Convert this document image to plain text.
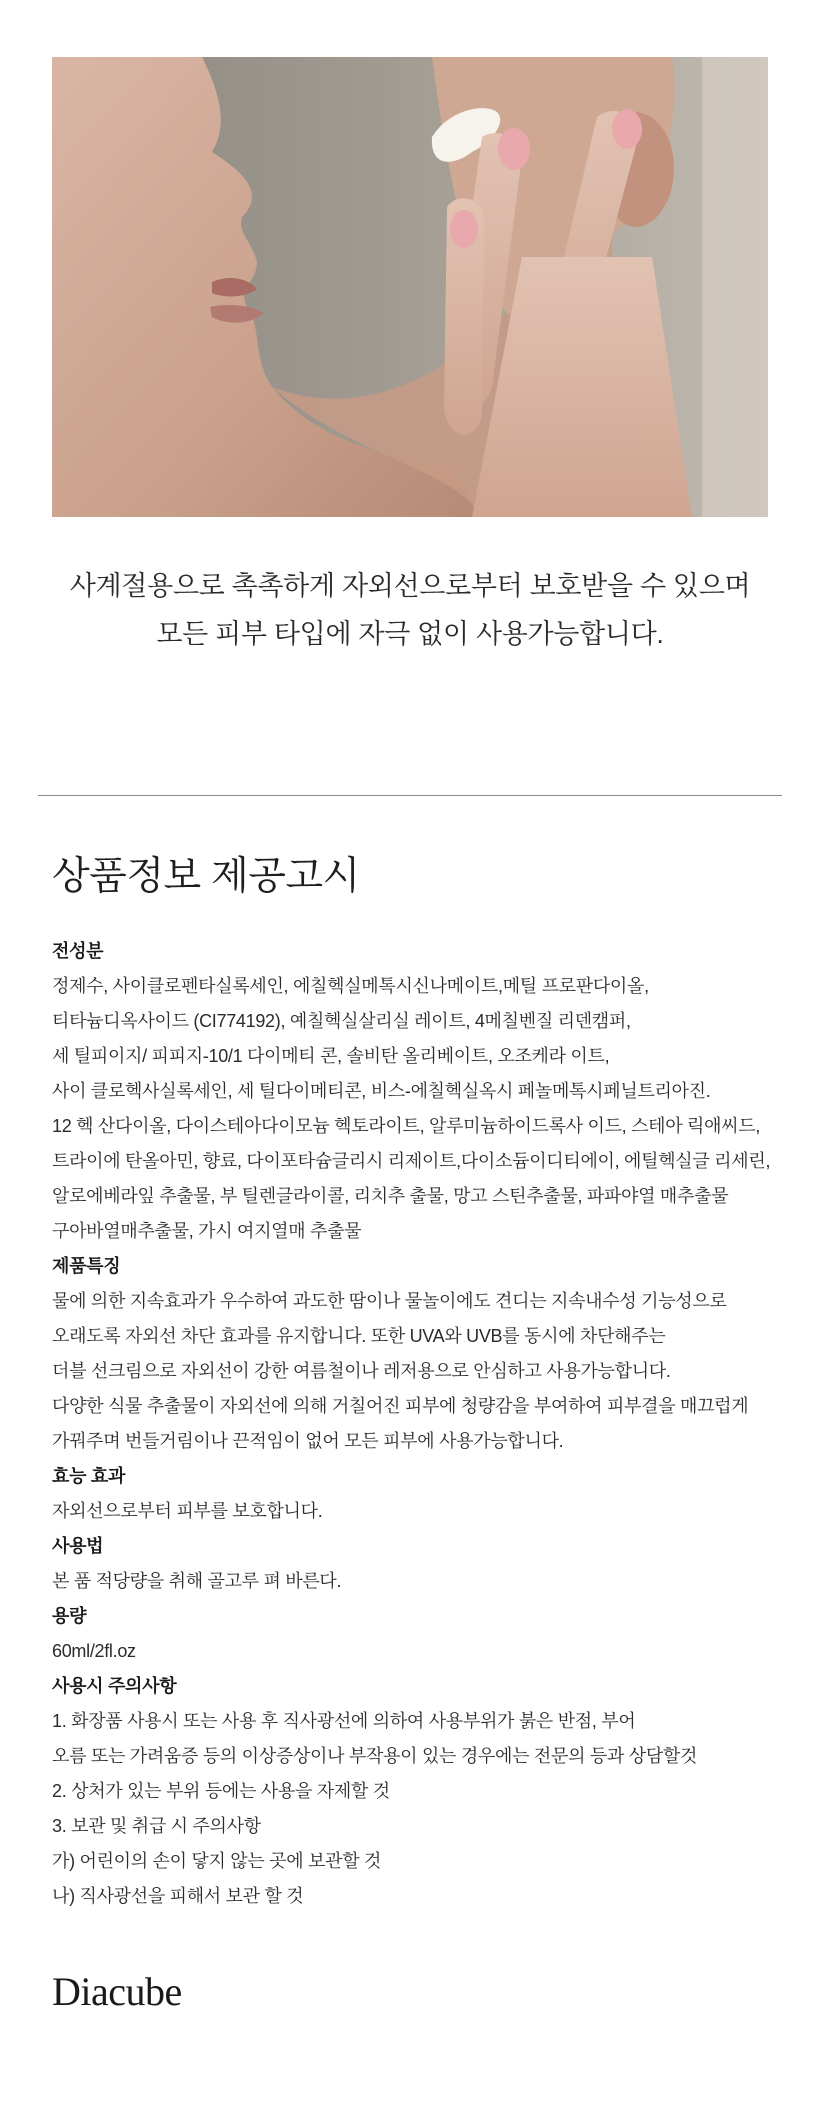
사계절용으로 촉촉하게 자외선으로부터 보호받을 수 있으며
모든 피부 타입에 자극 없이 사용가능합니다.
상품정보 제공고시
전성분
정제수, 사이클로펜타실록세인, 에칠헥실메톡시신나메이트,메틸 프로판다이올,
티타늄디옥사이드 (CI774192), 예칠헥실살리실 레이트, 4메칠벤질 리덴캠퍼,
세 틸피이지/ 피피지-10/1 다이메티 콘, 솔비탄 올리베이트, 오조케라 이트,
사이 클로헥사실록세인, 세 틸다이메티콘, 비스-에칠헥실옥시 페놀메톡시페닐트리아진.
12 헥 산다이올, 다이스테아다이모늄 헥토라이트, 알루미늄하이드록사 이드, 스테아 릭애씨드,
트라이에 탄올아민, 향료, 다이포타슘글리시 리제이트,다이소듐이디티에이, 에틸헥실글 리세린,
알로에베라잎 추출물, 부 틸렌글라이콜, 리치추 출물, 망고 스틴추출물, 파파야열 매추출물
구아바열매추출물, 가시 여지열매 추출물
제품특징
물에 의한 지속효과가 우수하여 과도한 땀이나 물놀이에도 견디는 지속내수성 기능성으로
오래도록 자외선 차단 효과를 유지합니다. 또한 UVA와 UVB를 동시에 차단해주는
더블 선크림으로 자외선이 강한 여름철이나 레저용으로 안심하고 사용가능합니다.
다양한 식물 추출물이 자외선에 의해 거칠어진 피부에 청량감을 부여하여 피부결을 매끄럽게
가꿔주며 번들거림이나 끈적임이 없어 모든 피부에 사용가능합니다.
효능 효과
자외선으로부터 피부를 보호합니다.
사용법
본 품 적당량을 취해 골고루 펴 바른다.
용량
60ml/2fl.oz
사용시 주의사항
1. 화장품 사용시 또는 사용 후 직사광선에 의하여 사용부위가 붉은 반점, 부어
오름 또는 가려움증 등의 이상증상이나 부작용이 있는 경우에는 전문의 등과 상담할것
2. 상처가 있는 부위 등에는 사용을 자제할 것
3. 보관 및 취급 시 주의사항
가) 어린이의 손이 닿지 않는 곳에 보관할 것
나) 직사광선을 피해서 보관 할 것
Diacube
